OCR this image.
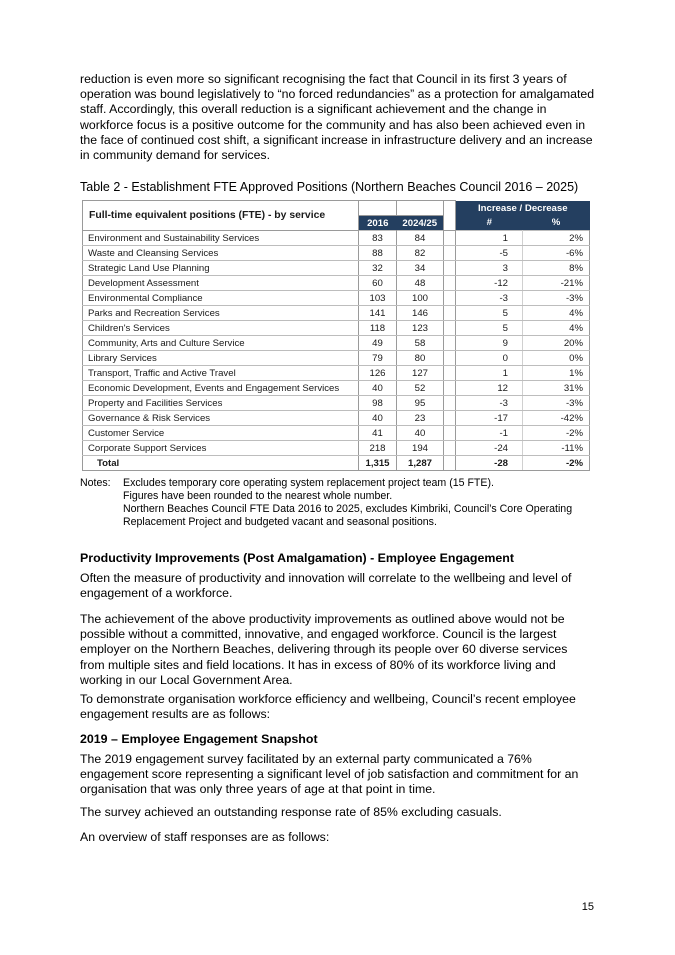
reduction is even more so significant recognising the fact that Council in its first 3 years of operation was bound legislatively to “no forced redundancies” as a protection for amalgamated staff. Accordingly, this overall reduction is a significant achievement and the change in workforce focus is a positive outcome for the community and has also been achieved even in the face of continued cost shift, a significant increase in infrastructure delivery and an increase in community demand for services.

Table 2 - Establishment FTE Approved Positions (Northern Beaches Council 2016 – 2025)
Full-time equivalent positions (FTE) - by service				Increase / Decrease	
	2016	2024/25		#	%
Environment and Sustainability Services	83	84		1	2%
Waste and Cleansing Services	88	82		-5	-6%
Strategic Land Use Planning	32	34		3	8%
Development Assessment	60	48		-12	-21%
Environmental Compliance	103	100		-3	-3%
Parks and Recreation Services	141	146		5	4%
Children's Services	118	123		5	4%
Community, Arts and Culture Service	49	58		9	20%
Library Services	79	80		0	0%
Transport, Traffic and Active Travel	126	127		1	1%
Economic Development, Events and Engagement Services	40	52		12	31%
Property and Facilities Services	98	95		-3	-3%
Governance & Risk Services	40	23		-17	-42%
Customer Service	41	40		-1	-2%
Corporate Support Services	218	194		-24	-11%
Total	1,315	1,287		-28	-2%
Notes:	Excludes temporary core operating system replacement project team (15 FTE).
Figures have been rounded to the nearest whole number.
Northern Beaches Council FTE Data 2016 to 2025, excludes Kimbriki, Council’s Core Operating Replacement Project and budgeted vacant and seasonal positions.
Productivity Improvements (Post Amalgamation) - Employee Engagement

Often the measure of productivity and innovation will correlate to the wellbeing and level of engagement of a workforce.

The achievement of the above productivity improvements as outlined above would not be possible without a committed, innovative, and engaged workforce. Council is the largest employer on the Northern Beaches, delivering through its people over 60 diverse services from multiple sites and field locations. It has in excess of 80% of its workforce living and working in our Local Government Area.

To demonstrate organisation workforce efficiency and wellbeing, Council’s recent employee engagement results are as follows:

2019 – Employee Engagement Snapshot

The 2019 engagement survey facilitated by an external party communicated a 76% engagement score representing a significant level of job satisfaction and commitment for an organisation that was only three years of age at that point in time.

The survey achieved an outstanding response rate of 85% excluding casuals.

An overview of staff responses are as follows:

15
